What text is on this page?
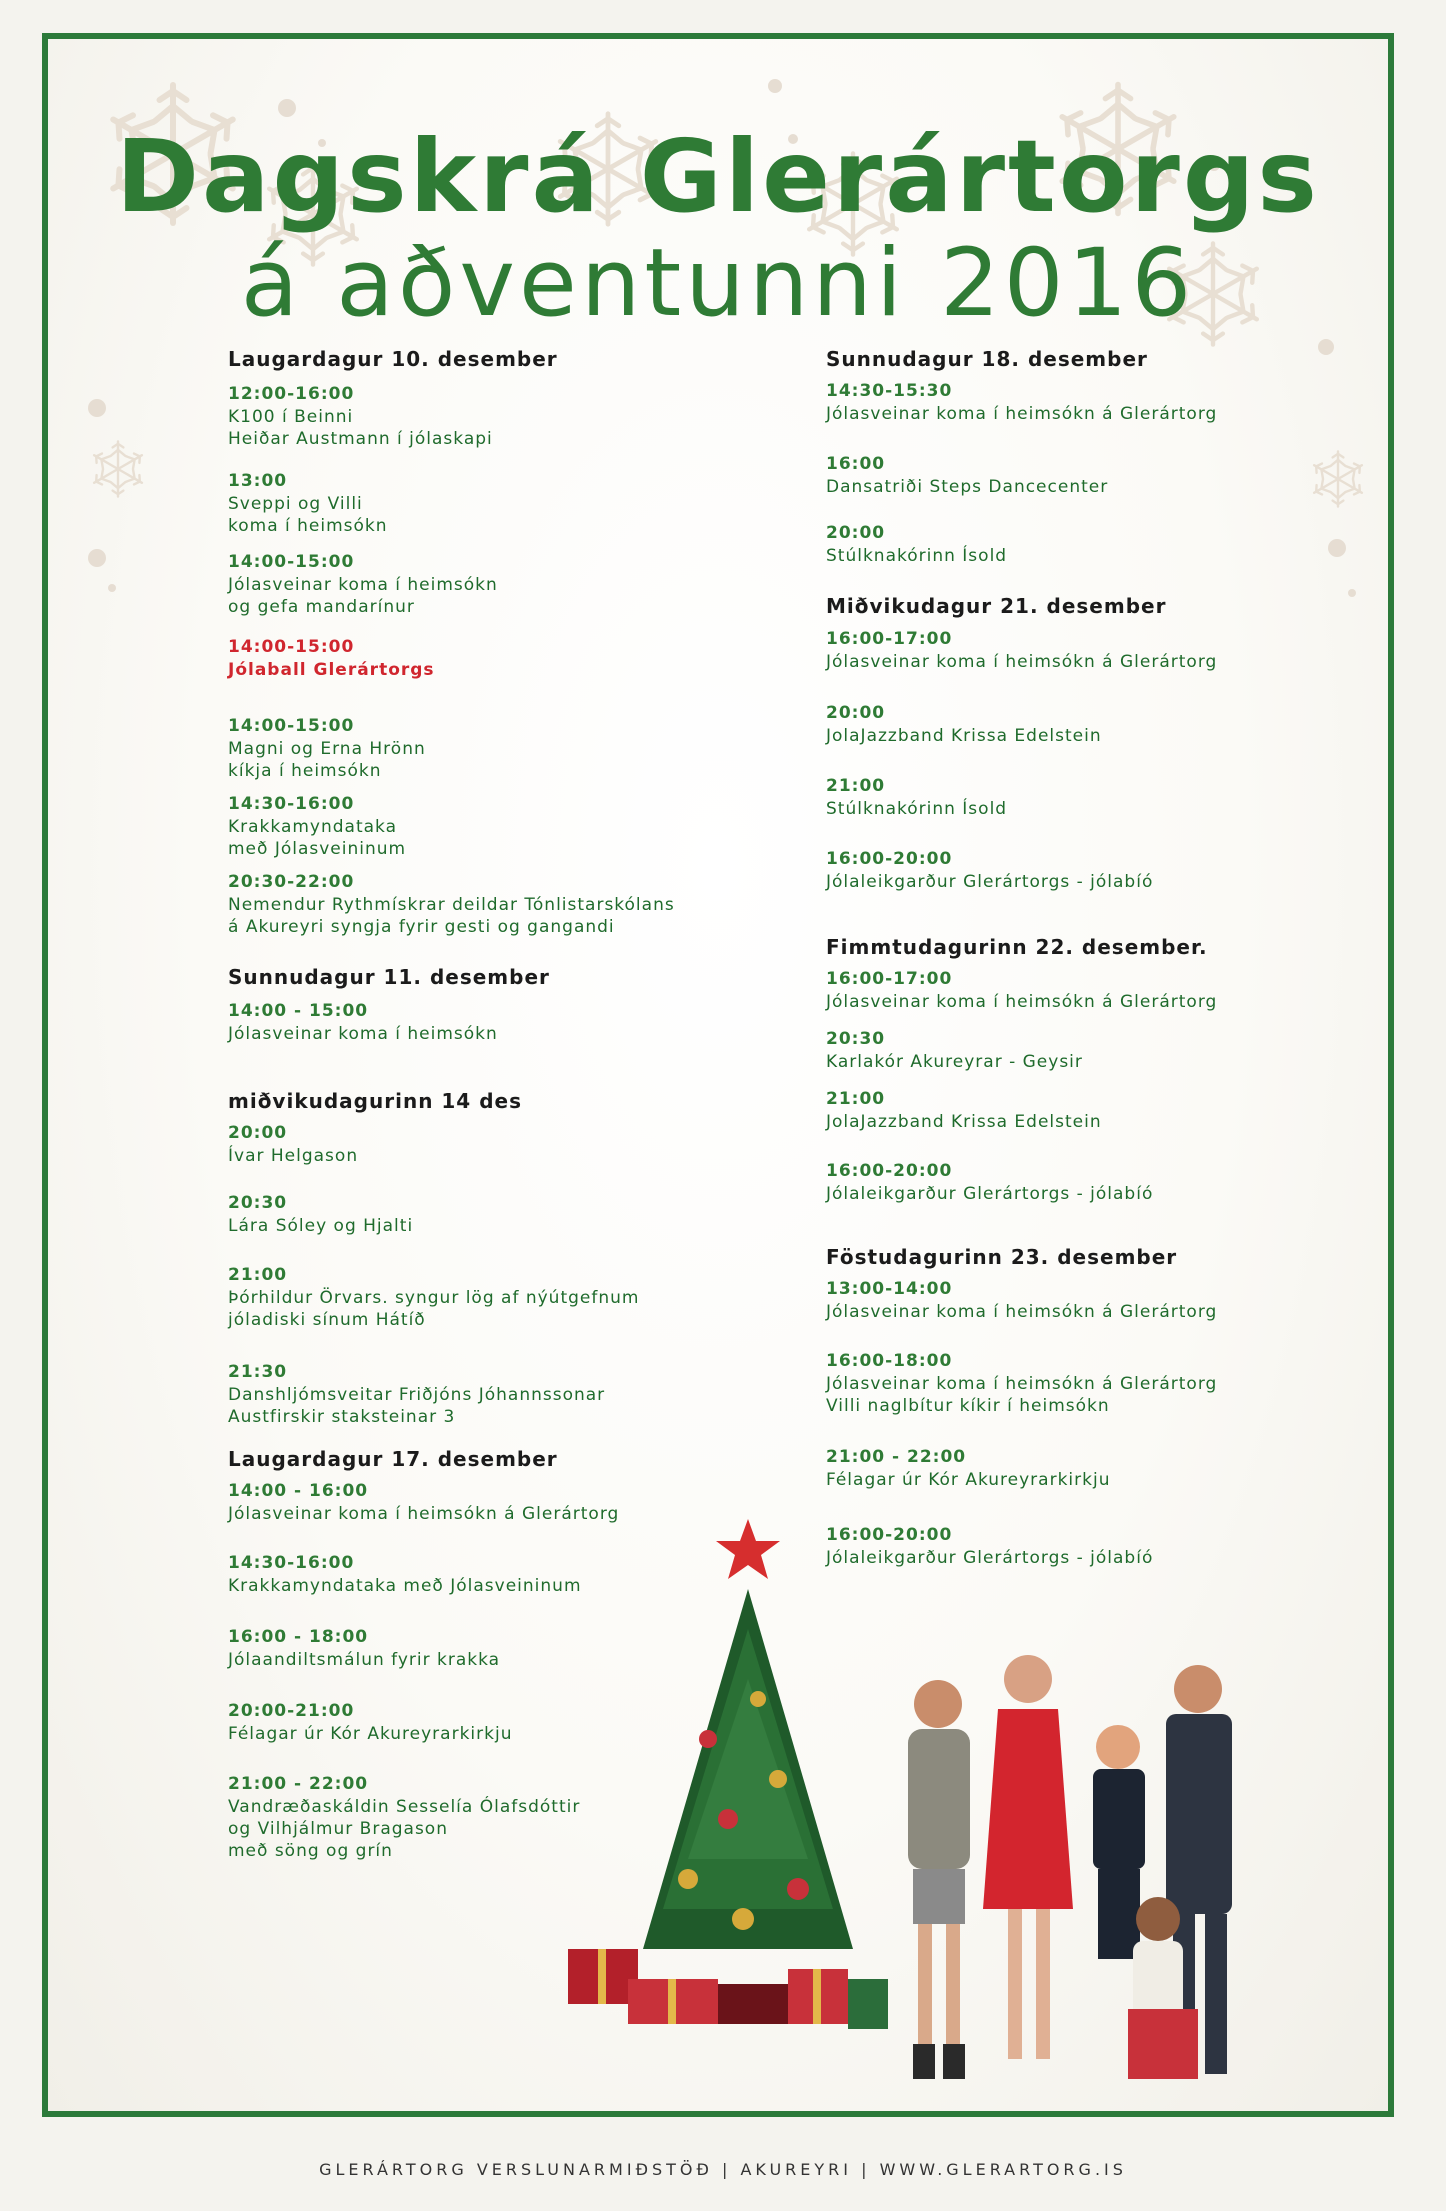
Dagskrá Glerártorgs
á aðventunni 2016
Laugardagur 10. desember
12:00-16:00
K100 í Beinni
Heiðar Austmann í jólaskapi
13:00
Sveppi og Villi
koma í heimsókn
14:00-15:00
Jólasveinar koma í heimsókn
og gefa mandarínur
14:00-15:00
Jólaball Glerártorgs
14:00-15:00
Magni og Erna Hrönn
kíkja í heimsókn
14:30-16:00
Krakkamyndataka
með Jólasveininum
20:30-22:00
Nemendur Rythmískrar deildar Tónlistarskólans
á Akureyri syngja fyrir gesti og gangandi
Sunnudagur 11. desember
14:00 - 15:00
Jólasveinar koma í heimsókn
miðvikudagurinn 14 des
20:00
Ívar Helgason
20:30
Lára Sóley og Hjalti
21:00
Þórhildur Örvars. syngur lög af nýútgefnum
jóladiski sínum Hátíð
21:30
Danshljómsveitar Friðjóns Jóhannssonar
Austfirskir staksteinar 3
Laugardagur 17. desember
14:00 - 16:00
Jólasveinar koma í heimsókn á Glerártorg
14:30-16:00
Krakkamyndataka með Jólasveininum
16:00 - 18:00
Jólaandiltsmálun fyrir krakka
20:00-21:00
Félagar úr Kór Akureyrarkirkju
21:00 - 22:00
Vandræðaskáldin Sesselía Ólafsdóttir
og Vilhjálmur Bragason
með söng og grín
Sunnudagur 18. desember
14:30-15:30
Jólasveinar koma í heimsókn á Glerártorg
16:00
Dansatriði Steps Dancecenter
20:00
Stúlknakórinn Ísold
Miðvikudagur 21. desember
16:00-17:00
Jólasveinar koma í heimsókn á Glerártorg
20:00
JolaJazzband Krissa Edelstein
21:00
Stúlknakórinn Ísold
16:00-20:00
Jólaleikgarður Glerártorgs - jólabíó
Fimmtudagurinn 22. desember.
16:00-17:00
Jólasveinar koma í heimsókn á Glerártorg
20:30
Karlakór Akureyrar - Geysir
21:00
JolaJazzband Krissa Edelstein
16:00-20:00
Jólaleikgarður Glerártorgs - jólabíó
Föstudagurinn 23. desember
13:00-14:00
Jólasveinar koma í heimsókn á Glerártorg
16:00-18:00
Jólasveinar koma í heimsókn á Glerártorg
Villi naglbítur kíkir í heimsókn
21:00 - 22:00
Félagar úr Kór Akureyrarkirkju
16:00-20:00
Jólaleikgarður Glerártorgs - jólabíó
GLERÁRTORG VERSLUNARMIÐSTÖÐ | AKUREYRI | WWW.GLERARTORG.IS
